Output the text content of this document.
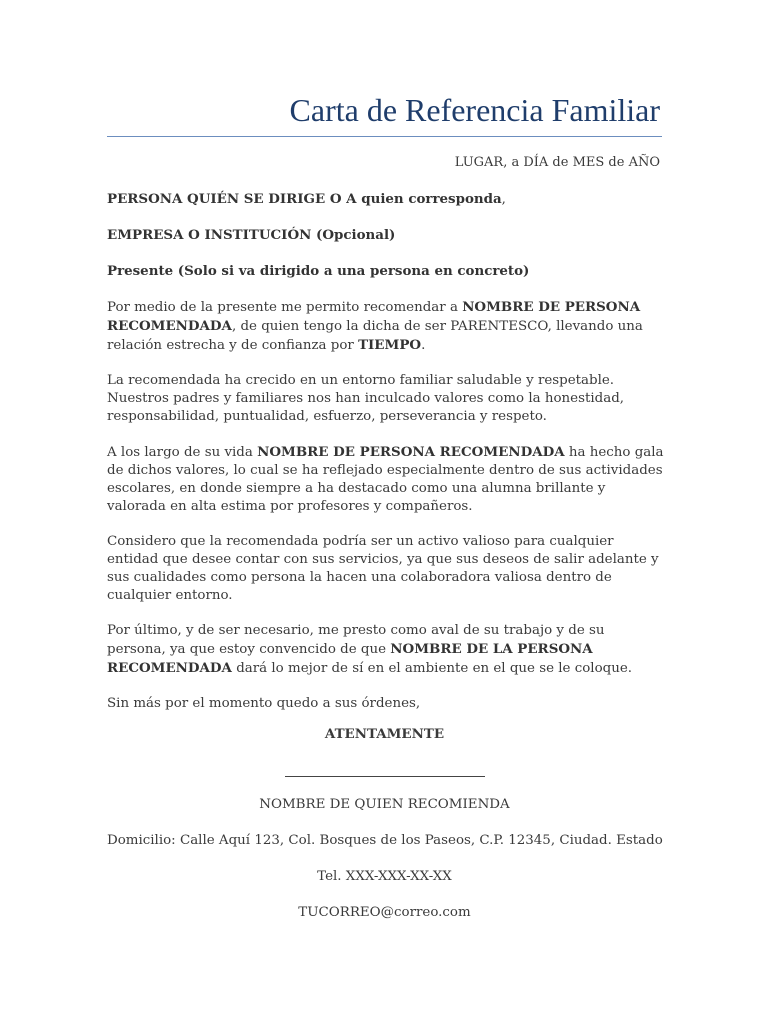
Carta de Referencia Familiar
LUGAR, a DÍA de MES de AÑO

PERSONA QUIÉN SE DIRIGE O A quien corresponda,

EMPRESA O INSTITUCIÓN (Opcional)

Presente (Solo si va dirigido a una persona en concreto)

Por medio de la presente me permito recomendar a NOMBRE DE PERSONA RECOMENDADA, de quien tengo la dicha de ser PARENTESCO, llevando una relación estrecha y de confianza por TIEMPO.

La recomendada ha crecido en un entorno familiar saludable y respetable. Nuestros padres y familiares nos han inculcado valores como la honestidad, responsabilidad, puntualidad, esfuerzo, perseverancia y respeto.

A los largo de su vida NOMBRE DE PERSONA RECOMENDADA ha hecho gala de dichos valores, lo cual se ha reflejado especialmente dentro de sus actividades escolares, en donde siempre a ha destacado como una alumna brillante y valorada en alta estima por profesores y compañeros.

Considero que la recomendada podría ser un activo valioso para cualquier entidad que desee contar con sus servicios, ya que sus deseos de salir adelante y sus cualidades como persona la hacen una colaboradora valiosa dentro de cualquier entorno.

Por último, y de ser necesario, me presto como aval de su trabajo y de su persona, ya que estoy convencido de que NOMBRE DE LA PERSONA RECOMENDADA dará lo mejor de sí en el ambiente en el que se le coloque.

Sin más por el momento quedo a sus órdenes,

ATENTAMENTE
NOMBRE DE QUIEN RECOMIENDA
Domicilio: Calle Aquí 123, Col. Bosques de los Paseos, C.P. 12345, Ciudad. Estado
Tel. XXX-XXX-XX-XX
TUCORREO@correo.com
